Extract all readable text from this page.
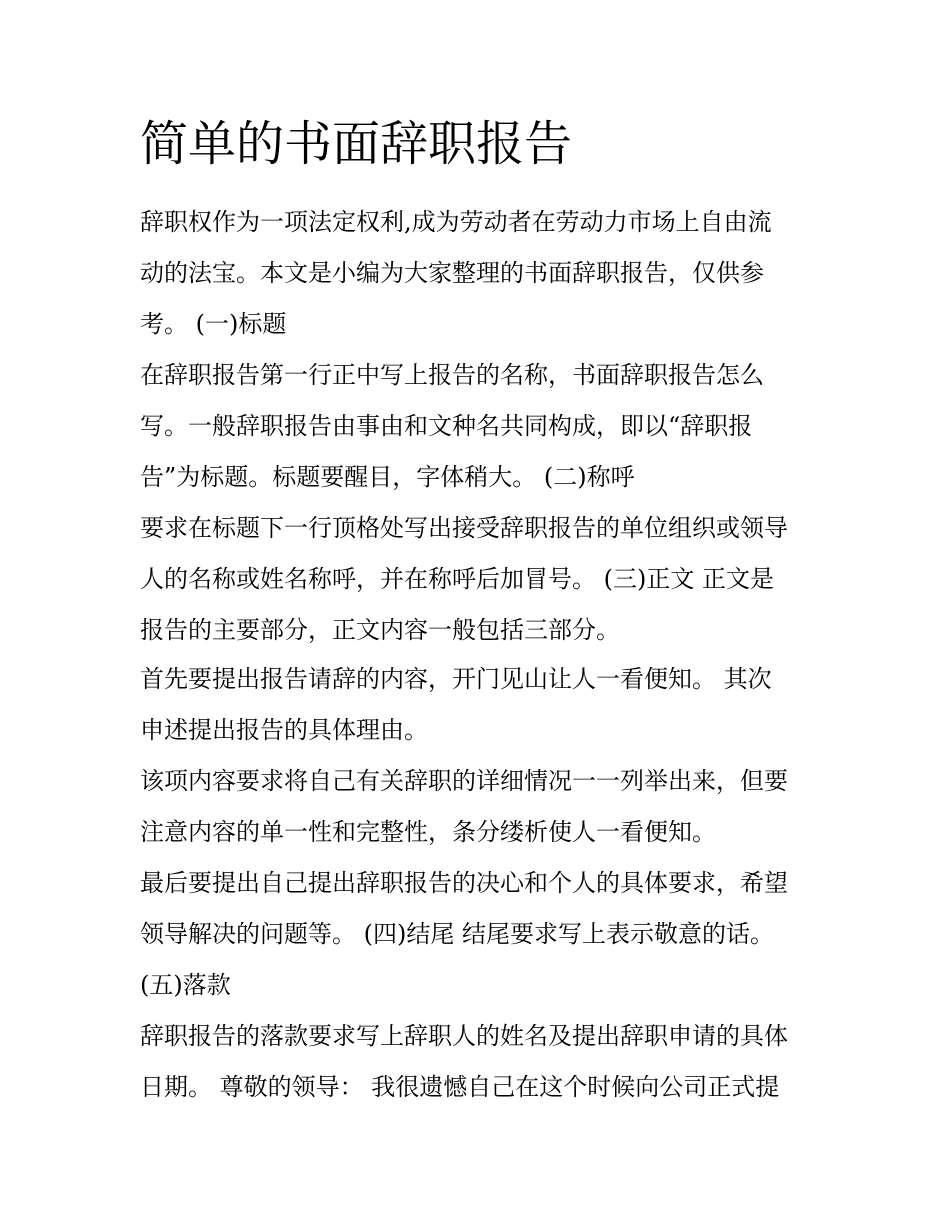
简单的书面辞职报告

辞职权作为一项法定权利,成为劳动者在劳动力市场上自由流

动的法宝。本文是小编为大家整理的书面辞职报告，仅供参

考。 (一)标题

在辞职报告第一行正中写上报告的名称，书面辞职报告怎么

写。一般辞职报告由事由和文种名共同构成，即以“辞职报

告”为标题。标题要醒目，字体稍大。 (二)称呼

要求在标题下一行顶格处写出接受辞职报告的单位组织或领导

人的名称或姓名称呼，并在称呼后加冒号。 (三)正文 正文是

报告的主要部分，正文内容一般包括三部分。

首先要提出报告请辞的内容，开门见山让人一看便知。 其次

申述提出报告的具体理由。

该项内容要求将自己有关辞职的详细情况一一列举出来，但要

注意内容的单一性和完整性，条分缕析使人一看便知。

最后要提出自己提出辞职报告的决心和个人的具体要求，希望

领导解决的问题等。 (四)结尾 结尾要求写上表示敬意的话。

(五)落款

辞职报告的落款要求写上辞职人的姓名及提出辞职申请的具体

日期。 尊敬的领导： 我很遗憾自己在这个时候向公司正式提
